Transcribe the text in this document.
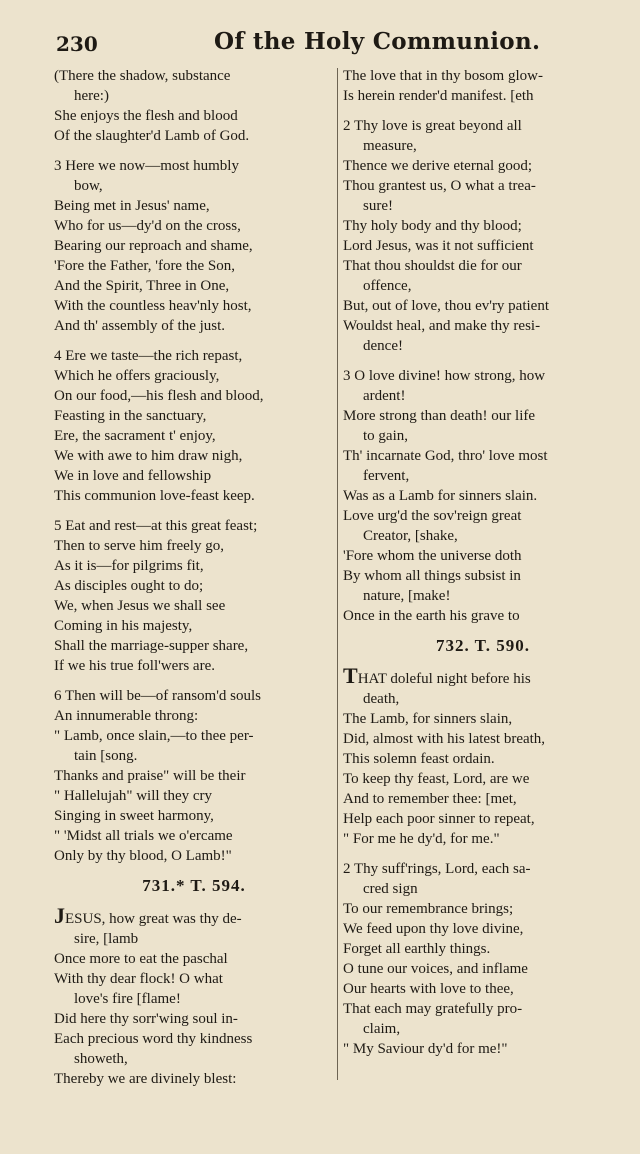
230	Of the Holy Communion.
(There the shadow, substance
here:)
She enjoys the flesh and blood
Of the slaughter'd Lamb of God.
3 Here we now—most humbly
bow,
Being met in Jesus' name,
Who for us—dy'd on the cross,
Bearing our reproach and shame,
'Fore the Father, 'fore the Son,
And the Spirit, Three in One,
With the countless heav'nly host,
And th' assembly of the just.
4 Ere we taste—the rich repast,
Which he offers graciously,
On our food,—his flesh and blood,
Feasting in the sanctuary,
Ere, the sacrament t' enjoy,
We with awe to him draw nigh,
We in love and fellowship
This communion love-feast keep.
5 Eat and rest—at this great feast;
Then to serve him freely go,
As it is—for pilgrims fit,
As disciples ought to do;
We, when Jesus we shall see
Coming in his majesty,
Shall the marriage-supper share,
If we his true foll'wers are.
6 Then will be—of ransom'd souls
An innumerable throng:
" Lamb, once slain,—to thee per-
tain [song.
Thanks and praise" will be their
" Hallelujah" will they cry
Singing in sweet harmony,
" 'Midst all trials we o'ercame
Only by thy blood, O Lamb!"
731.* T. 594.
JESUS, how great was thy de-
sire, [lamb
Once more to eat the paschal
With thy dear flock! O what
love's fire [flame!
Did here thy sorr'wing soul in-
Each precious word thy kindness
showeth,
Thereby we are divinely blest:
The love that in thy bosom glow-
Is herein render'd manifest. [eth
2 Thy love is great beyond all
measure,
Thence we derive eternal good;
Thou grantest us, O what a trea-
sure!
Thy holy body and thy blood;
Lord Jesus, was it not sufficient
That thou shouldst die for our
offence,
But, out of love, thou ev'ry patient
Wouldst heal, and make thy resi-
dence!
3 O love divine! how strong, how
ardent!
More strong than death! our life
to gain,
Th' incarnate God, thro' love most
fervent,
Was as a Lamb for sinners slain.
Love urg'd the sov'reign great
Creator, [shake,
'Fore whom the universe doth
By whom all things subsist in
nature, [make!
Once in the earth his grave to
732. T. 590.
THAT doleful night before his
death,
The Lamb, for sinners slain,
Did, almost with his latest breath,
This solemn feast ordain.
To keep thy feast, Lord, are we
And to remember thee: [met,
Help each poor sinner to repeat,
" For me he dy'd, for me."
2 Thy suff'rings, Lord, each sa-
cred sign
To our remembrance brings;
We feed upon thy love divine,
Forget all earthly things.
O tune our voices, and inflame
Our hearts with love to thee,
That each may gratefully pro-
claim,
" My Saviour dy'd for me!"
